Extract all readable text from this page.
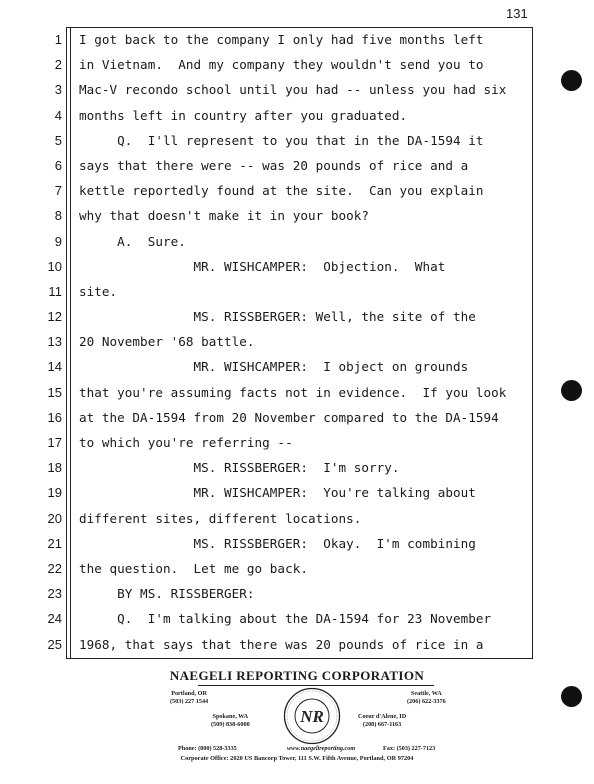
131
1 I got back to the company I only had five months left
2 in Vietnam.  And my company they wouldn't send you to
3 Mac-V recondo school until you had -- unless you had six
4 months left in country after you graduated.
5 Q.  I'll represent to you that in the DA-1594 it
6 says that there were -- was 20 pounds of rice and a
7 kettle reportedly found at the site.  Can you explain
8 why that doesn't make it in your book?
9 A.  Sure.
10 MR. WISHCAMPER:  Objection.  What
11 site.
12 MS. RISSBERGER: Well, the site of the
13 20 November '68 battle.
14 MR. WISHCAMPER:  I object on grounds
15 that you're assuming facts not in evidence.  If you look
16 at the DA-1594 from 20 November compared to the DA-1594
17 to which you're referring --
18 MS. RISSBERGER:  I'm sorry.
19 MR. WISHCAMPER:  You're talking about
20 different sites, different locations.
21 MS. RISSBERGER:  Okay.  I'm combining
22 the question.  Let me go back.
23 BY MS. RISSBERGER:
24 Q.  I'm talking about the DA-1594 for 23 November
25 1968, that says that there was 20 pounds of rice in a
NAEGELI REPORTING CORPORATION
Portland, OR
(503) 227 1544
Seattle, WA
(206) 622-3376
Spokane, WA
(509) 838-6000
Coeur d'Alene, ID
(208) 667-1163
NR
Phone: (800) 528-3335	www.naegelireporting.com	Fax: (503) 227-7123
Corporate Office: 2020 US Bancorp Tower, 111 S.W. Fifth Avenue, Portland, OR 97204
